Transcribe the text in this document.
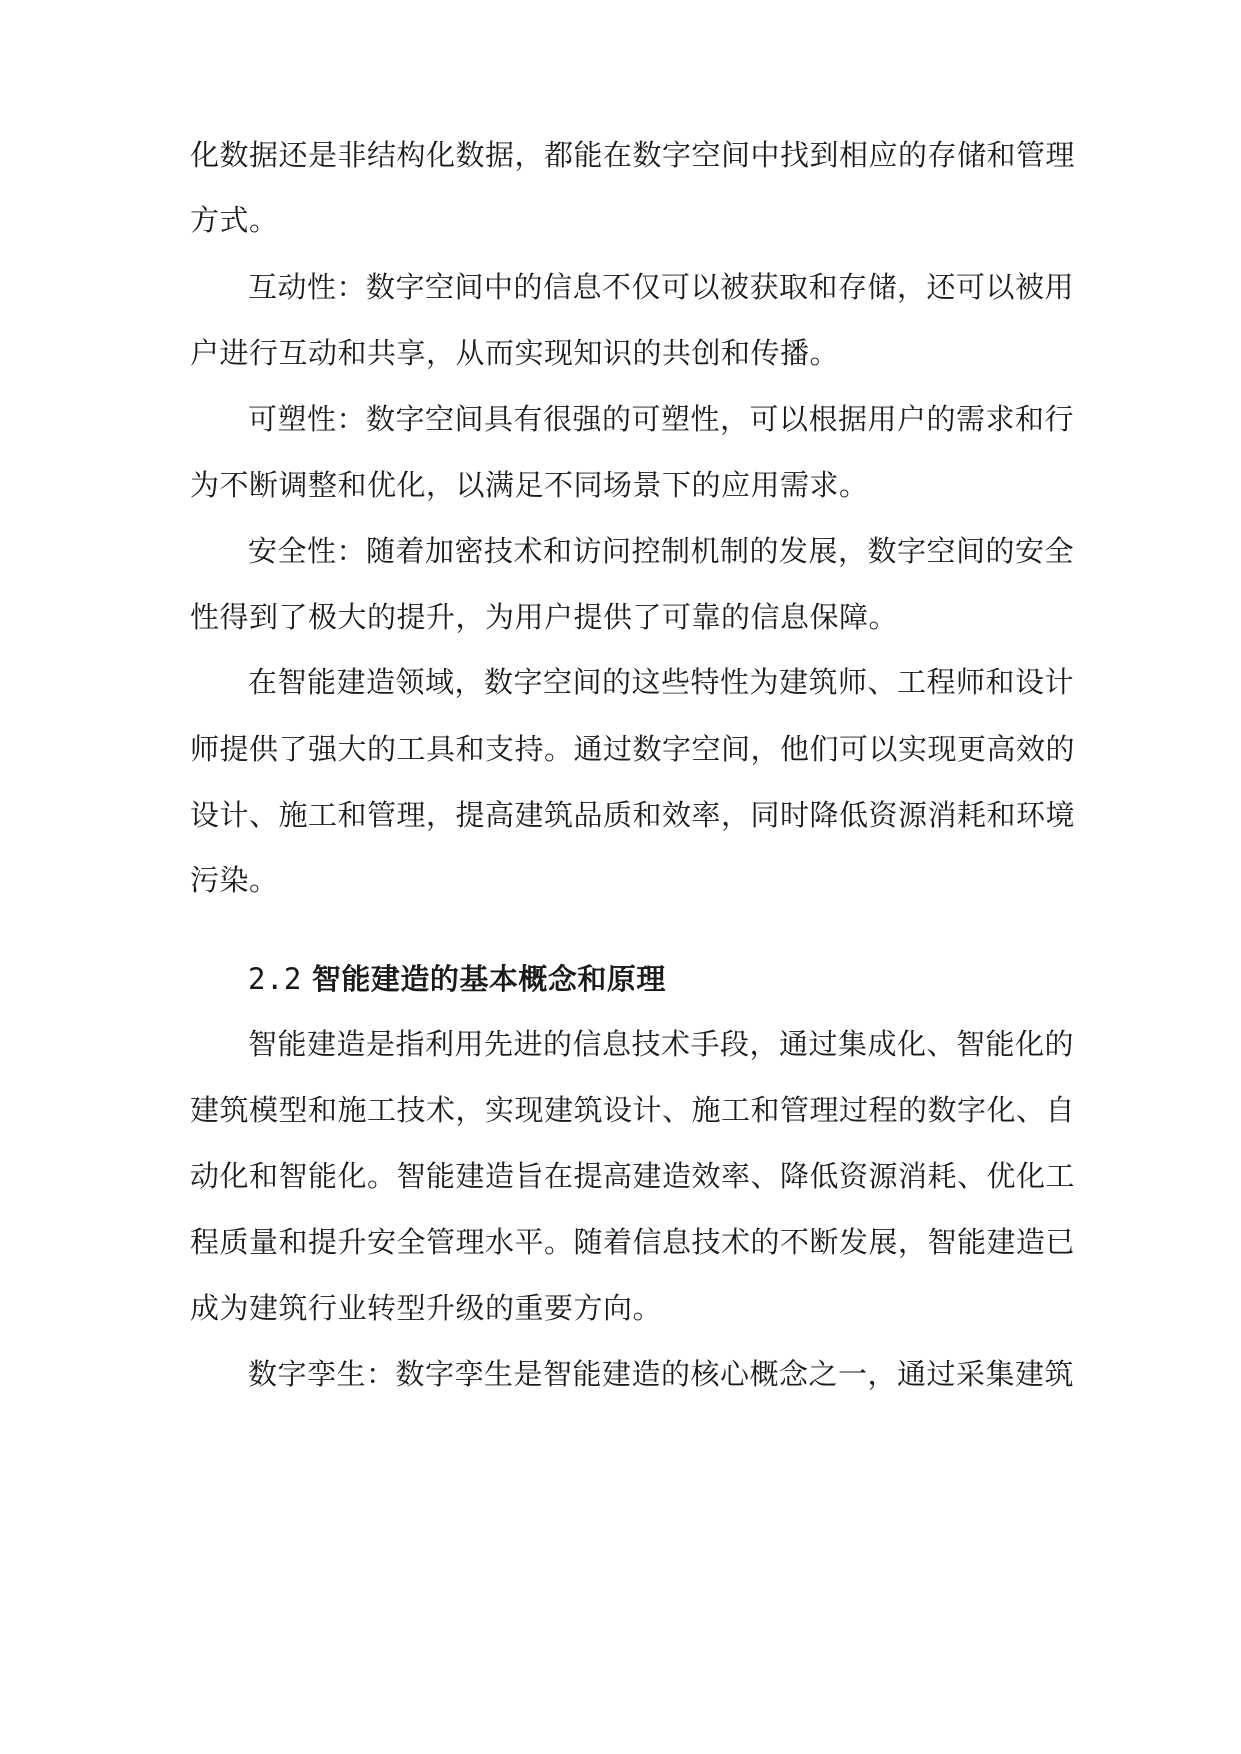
化数据还是非结构化数据，都能在数字空间中找到相应的存储和管理
方式。
互动性：数字空间中的信息不仅可以被获取和存储，还可以被用
户进行互动和共享，从而实现知识的共创和传播。
可塑性：数字空间具有很强的可塑性，可以根据用户的需求和行
为不断调整和优化，以满足不同场景下的应用需求。
安全性：随着加密技术和访问控制机制的发展，数字空间的安全
性得到了极大的提升，为用户提供了可靠的信息保障。
在智能建造领域，数字空间的这些特性为建筑师、工程师和设计
师提供了强大的工具和支持。通过数字空间，他们可以实现更高效的
设计、施工和管理，提高建筑品质和效率，同时降低资源消耗和环境
污染。
2.2 智能建造的基本概念和原理
智能建造是指利用先进的信息技术手段，通过集成化、智能化的
建筑模型和施工技术，实现建筑设计、施工和管理过程的数字化、自
动化和智能化。智能建造旨在提高建造效率、降低资源消耗、优化工
程质量和提升安全管理水平。随着信息技术的不断发展，智能建造已
成为建筑行业转型升级的重要方向。
数字孪生：数字孪生是智能建造的核心概念之一，通过采集建筑
